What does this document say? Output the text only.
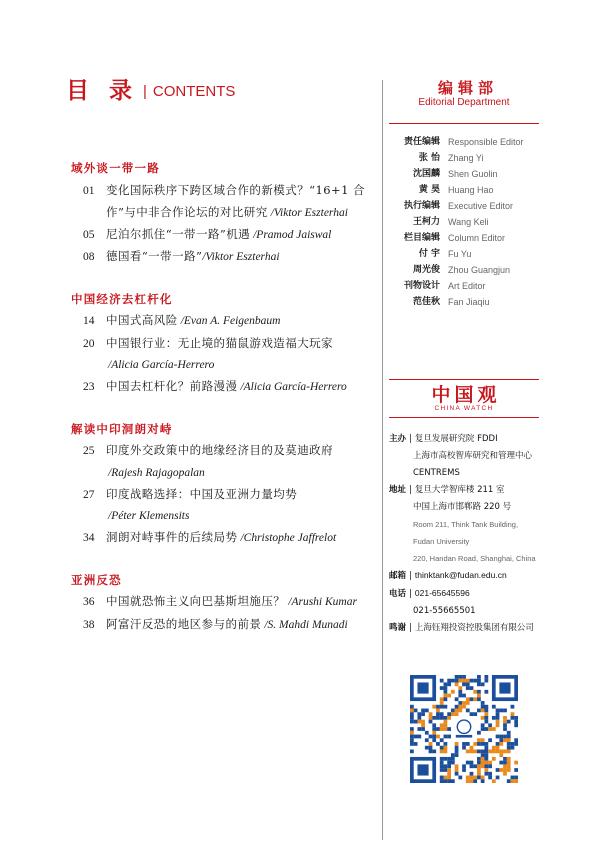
目 录 | CONTENTS
域外谈一带一路
01	变化国际秩序下跨区域合作的新模式？“16+1 合
作”与中非合作论坛的对比研究 /Viktor Eszterhai
05	尼泊尔抓住“一带一路”机遇 /Pramod Jaiswal
08	德国看“一带一路” /Viktor Eszterhai
中国经济去杠杆化
14	中国式高风险 /Evan A. Feigenbaum
20	中国银行业：无止境的猫鼠游戏造福大玩家
/Alicia García-Herrero
23	中国去杠杆化？前路漫漫 /Alicia García-Herrero
解读中印洞朗对峙
25	印度外交政策中的地缘经济目的及莫迪政府
/Rajesh Rajagopalan
27	印度战略选择：中国及亚洲力量均势
/Péter Klemensits
34	洞朗对峙事件的后续局势 /Christophe Jaffrelot
亚洲反恐
36	中国就恐怖主义向巴基斯坦施压？ /Arushi Kumar
38	阿富汗反恐的地区参与的前景 /S. Mahdi Munadi
编辑部
Editorial Department
责任编辑 Responsible Editor
张 怡 Zhang Yi
沈国麟 Shen Guolin
黄 昊 Huang Hao
执行编辑 Executive Editor
王柯力 Wang Keli
栏目编辑 Column Editor
付 宇 Fu Yu
周光俊 Zhou Guangjun
刊物设计 Art Editor
范佳秋 Fan Jiaqiu
中国观
CHINA WATCH
主办 | 复旦发展研究院 FDDI
上海市高校智库研究和管理中心
CENTREMS
地址 | 复旦大学智库楼 211 室
中国上海市邯郸路 220 号
Room 211, Think Tank Building,
Fudan University
220, Handan Road, Shanghai, China
邮箱 | thinktank@fudan.edu.cn
电话 | 021-65645596
021-55665501
鸣谢 | 上海钰翔投资控股集团有限公司
